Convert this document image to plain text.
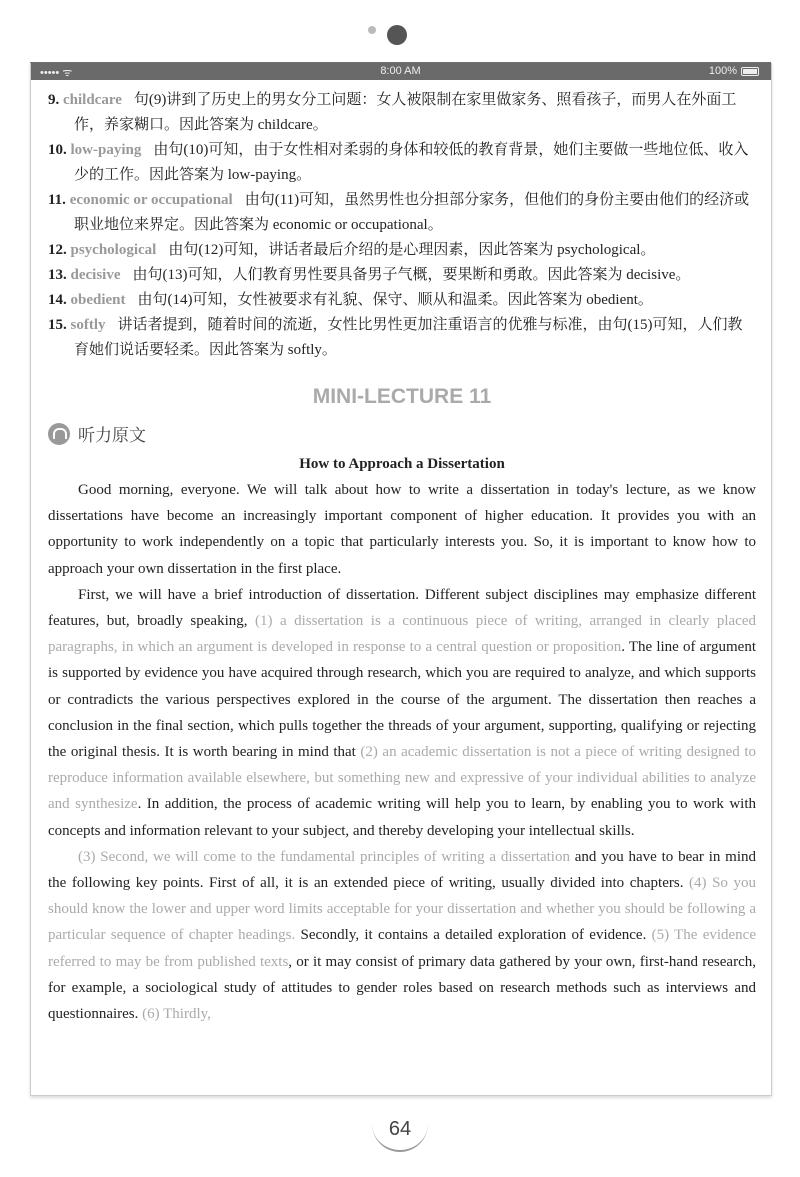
••••• ᯤ	8:00 AM	100%

9. childcare 句(9)讲到了历史上的男女分工问题：女人被限制在家里做家务、照看孩子，而男人在外面工作，养家糊口。因此答案为 childcare。

10. low-paying 由句(10)可知，由于女性相对柔弱的身体和较低的教育背景，她们主要做一些地位低、收入少的工作。因此答案为 low-paying。

11. economic or occupational 由句(11)可知，虽然男性也分担部分家务，但他们的身份主要由他们的经济或职业地位来界定。因此答案为 economic or occupational。

12. psychological 由句(12)可知，讲话者最后介绍的是心理因素，因此答案为 psychological。

13. decisive 由句(13)可知，人们教育男性要具备男子气概，要果断和勇敢。因此答案为 decisive。

14. obedient 由句(14)可知，女性被要求有礼貌、保守、顺从和温柔。因此答案为 obedient。

15. softly 讲话者提到，随着时间的流逝，女性比男性更加注重语言的优雅与标准，由句(15)可知，人们教育她们说话要轻柔。因此答案为 softly。

MINI-LECTURE 11
听力原文
How to Approach a Dissertation

Good morning, everyone. We will talk about how to write a dissertation in today's lecture, as we know dissertations have become an increasingly important component of higher education. It provides you with an opportunity to work independently on a topic that particularly interests you. So, it is important to know how to approach your own dissertation in the first place.

First, we will have a brief introduction of dissertation. Different subject disciplines may emphasize different features, but, broadly speaking, (1) a dissertation is a continuous piece of writing, arranged in clearly placed paragraphs, in which an argument is developed in response to a central question or proposition. The line of argument is supported by evidence you have acquired through research, which you are required to analyze, and which supports or contradicts the various perspectives explored in the course of the argument. The dissertation then reaches a conclusion in the final section, which pulls together the threads of your argument, supporting, qualifying or rejecting the original thesis. It is worth bearing in mind that (2) an academic dissertation is not a piece of writing designed to reproduce information available elsewhere, but something new and expressive of your individual abilities to analyze and synthesize. In addition, the process of academic writing will help you to learn, by enabling you to work with concepts and information relevant to your subject, and thereby developing your intellectual skills.

(3) Second, we will come to the fundamental principles of writing a dissertation and you have to bear in mind the following key points. First of all, it is an extended piece of writing, usually divided into chapters. (4) So you should know the lower and upper word limits acceptable for your dissertation and whether you should be following a particular sequence of chapter headings. Secondly, it contains a detailed exploration of evidence. (5) The evidence referred to may be from published texts, or it may consist of primary data gathered by your own, first-hand research, for example, a sociological study of attitudes to gender roles based on research methods such as interviews and questionnaires. (6) Thirdly,

64
